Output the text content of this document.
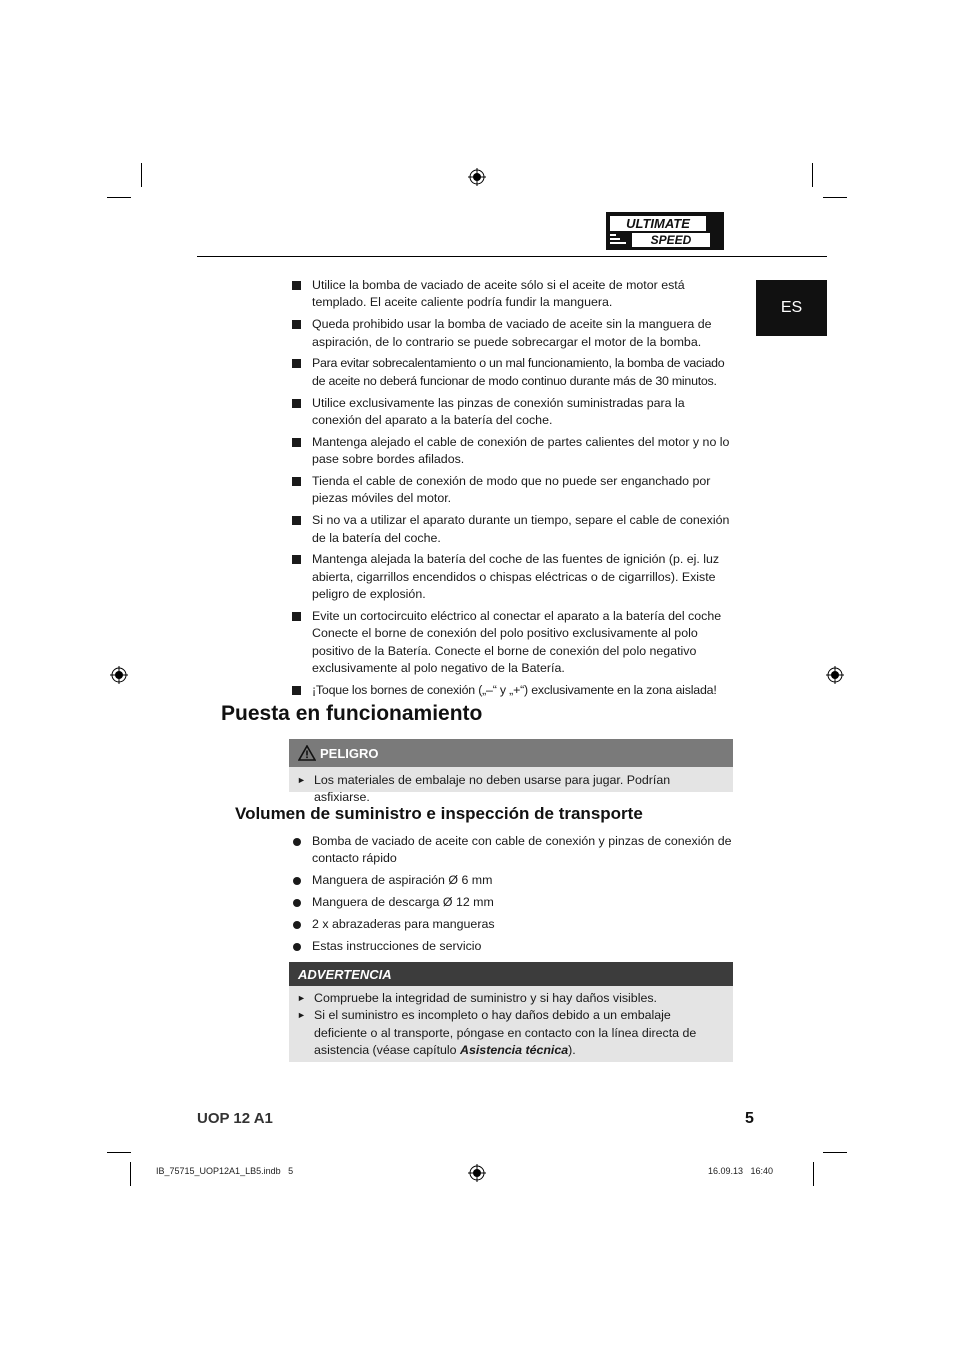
ULTIMATE
SPEED
ES
Utilice la bomba de vaciado de aceite sólo si el aceite de motor está templado. El aceite caliente podría fundir la manguera.
Queda prohibido usar la bomba de vaciado de aceite sin la manguera de aspiración, de lo contrario se puede sobrecargar el motor de la bomba.
Para evitar sobrecalentamiento o un mal funcionamiento, la bomba de vaciado de aceite no deberá funcionar de modo continuo durante más de 30 minutos.
Utilice exclusivamente las pinzas de conexión suministradas para la conexión del aparato a la batería del coche.
Mantenga alejado el cable de conexión de partes calientes del motor y no lo pase sobre bordes afilados.
Tienda el cable de conexión de modo que no puede ser enganchado por piezas móviles del motor.
Si no va a utilizar el aparato durante un tiempo, separe el cable de conexión de la batería del coche.
Mantenga alejada la batería del coche de las fuentes de ignición (p. ej. luz abierta, cigarrillos encendidos o chispas eléctricas o de cigarrillos). Existe peligro de explosión.
Evite un cortocircuito eléctrico al conectar el aparato a la batería del coche Conecte el borne de conexión del polo positivo exclusivamente al polo positivo de la Batería. Conecte el borne de conexión del polo negativo exclusivamente al polo negativo de la Batería.
¡Toque los bornes de conexión („–“ y „+“) exclusivamente en la zona aislada!
Puesta en funcionamiento
PELIGRO
► Los materiales de embalaje no deben usarse para jugar. Podrían asfixiarse.
Volumen de suministro e inspección de transporte
Bomba de vaciado de aceite con cable de conexión y pinzas de conexión de contacto rápido
Manguera de aspiración Ø 6 mm
Manguera de descarga Ø 12 mm
2 x abrazaderas para mangueras
Estas instrucciones de servicio
ADVERTENCIA
► Compruebe la integridad de suministro y si hay daños visibles.
► Si el suministro es incompleto o hay daños debido a un embalaje deficiente o al transporte, póngase en contacto con la línea directa de asistencia (véase capítulo Asistencia técnica).
UOP 12 A1	5
IB_75715_UOP12A1_LB5.indb   5	16.09.13   16:40
